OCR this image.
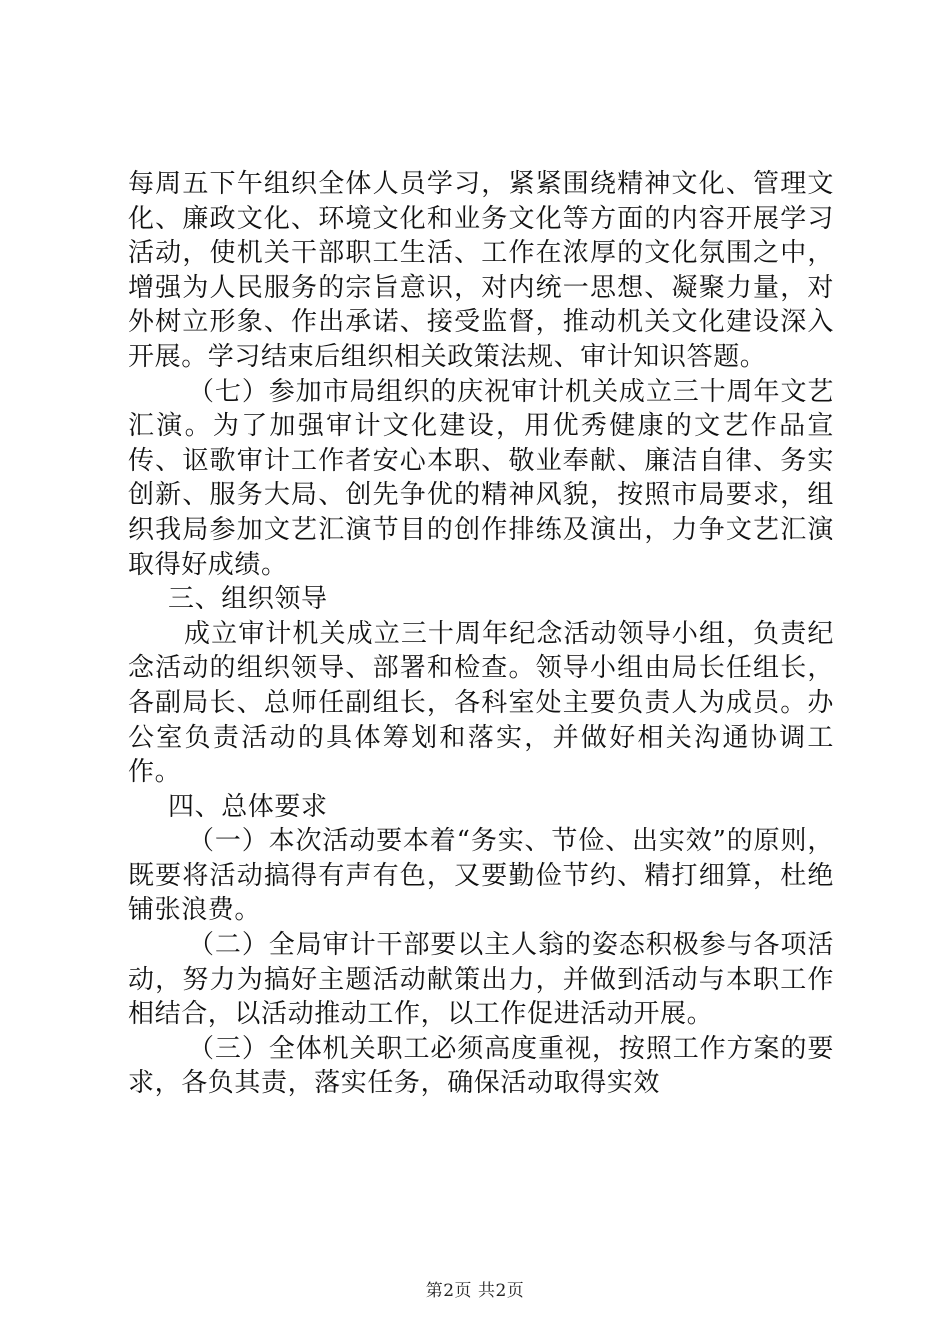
每周五下午组织全体人员学习，紧紧围绕精神文化、管理文化、廉政文化、环境文化和业务文化等方面的内容开展学习活动，使机关干部职工生活、工作在浓厚的文化氛围之中，增强为人民服务的宗旨意识，对内统一思想、凝聚力量，对外树立形象、作出承诺、接受监督，推动机关文化建设深入开展。学习结束后组织相关政策法规、审计知识答题。

（七）参加市局组织的庆祝审计机关成立三十周年文艺汇演。为了加强审计文化建设，用优秀健康的文艺作品宣传、讴歌审计工作者安心本职、敬业奉献、廉洁自律、务实创新、服务大局、创先争优的精神风貌，按照市局要求，组织我局参加文艺汇演节目的创作排练及演出，力争文艺汇演取得好成绩。

三、组织领导

成立审计机关成立三十周年纪念活动领导小组，负责纪念活动的组织领导、部署和检查。领导小组由局长任组长，各副局长、总师任副组长，各科室处主要负责人为成员。办公室负责活动的具体筹划和落实，并做好相关沟通协调工作。

四、总体要求

（一）本次活动要本着“务实、节俭、出实效”的原则，既要将活动搞得有声有色，又要勤俭节约、精打细算，杜绝铺张浪费。

（二）全局审计干部要以主人翁的姿态积极参与各项活动，努力为搞好主题活动献策出力，并做到活动与本职工作相结合，以活动推动工作，以工作促进活动开展。

（三）全体机关职工必须高度重视，按照工作方案的要求，各负其责，落实任务，确保活动取得实效

第2页 共2页
